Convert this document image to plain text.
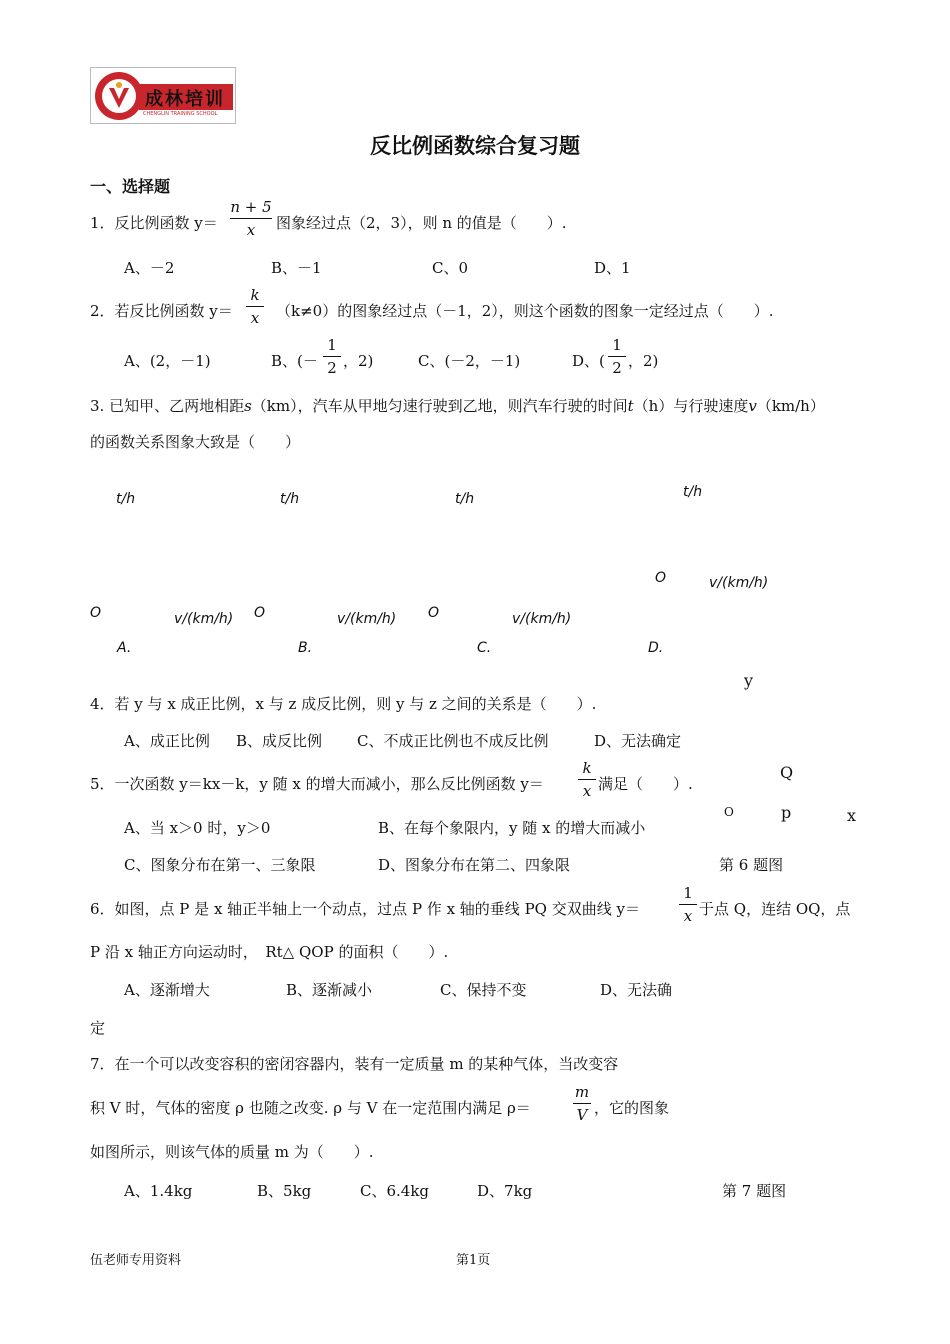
成林培训
CHENGLIN TRAINING SCHOOL
反比例函数综合复习题
一、选择题
1．反比例函数 y＝
n + 5
x	图象经过点（2，3），则 n 的值是（　　）.
A、－2	B、－1	C、0	D、1
2．若反比例函数 y＝
k
x	（k≠0）的图象经过点（－1，2），则这个函数的图象一定经过点（　　）.
A、(2，－1)	B、(－
1
2 ，2)	C、(－2，－1)	D、(
1
2 ，2)
3. 已知甲、乙两地相距s（km），汽车从甲地匀速行驶到乙地，则汽车行驶的时间t（h）与行驶速度v（km/h）
的函数关系图象大致是（　　）
t/h	t/h	t/h	t/h
O	v/(km/h)
O	v/(km/h) O	v/(km/h) O	v/(km/h)
A.	B.	C.	D.
y
Q
O	p	x
4．若 y 与 x 成正比例，x 与 z 成反比例，则 y 与 z 之间的关系是（　　）.
A、成正比例 B、成反比例 C、不成正比例也不成反比例	D、无法确定
5．一次函数 y＝kx－k，y 随 x 的增大而减小，那么反比例函数 y＝
k
x 满足（　　）.
A、当 x＞0 时，y＞0	B、在每个象限内，y 随 x 的增大而减小
C、图象分布在第一、三象限	D、图象分布在第二、四象限	第 6 题图
6．如图，点 P 是 x 轴正半轴上一个动点，过点 P 作 x 轴的垂线 PQ 交双曲线 y＝
1
x 于点 Q，连结 OQ，点
P 沿 x 轴正方向运动时，　Rt△ QOP 的面积（　　）.
A、逐渐增大	B、逐渐减小	C、保持不变	D、无法确
定
7．在一个可以改变容积的密闭容器内，装有一定质量 m 的某种气体，当改变容
积 V 时，气体的密度 ρ 也随之改变. ρ 与 V 在一定范围内满足 ρ＝
m
V ，它的图象
如图所示，则该气体的质量 m 为（　　）.
A、1.4kg	B、5kg	C、6.4kg	D、7kg	第 7 题图
伍老师专用资料	第1页
